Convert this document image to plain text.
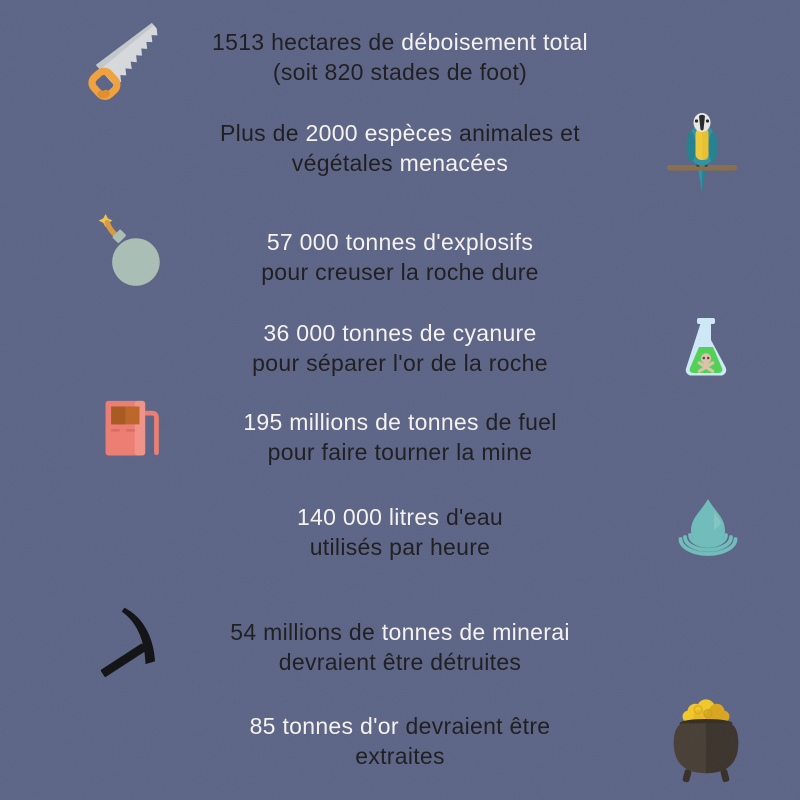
1513 hectares de déboisement total
(soit 820 stades de foot)
Plus de 2000 espèces animales et
végétales menacées
57 000 tonnes d'explosifs
pour creuser la roche dure
36 000 tonnes de cyanure
pour séparer l'or de la roche
195 millions de tonnes de fuel
pour faire tourner la mine
140 000 litres d'eau
utilisés par heure
54 millions de tonnes de minerai
devraient être détruites
85 tonnes d'or devraient être
extraites
